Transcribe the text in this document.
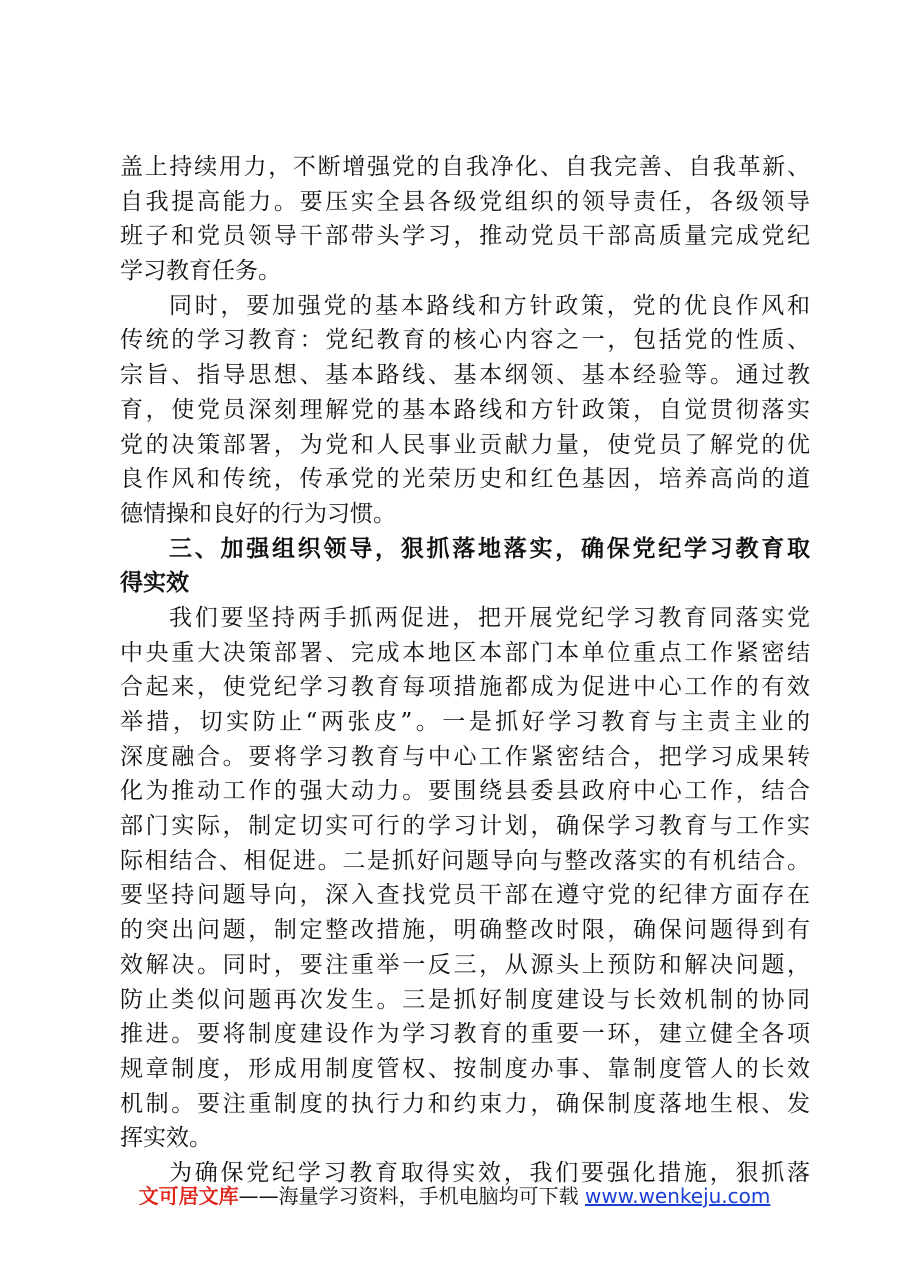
盖上持续用力，不断增强党的自我净化、自我完善、自我革新、
自我提高能力。要压实全县各级党组织的领导责任，各级领导
班子和党员领导干部带头学习，推动党员干部高质量完成党纪
学习教育任务。
同时，要加强党的基本路线和方针政策，党的优良作风和
传统的学习教育：党纪教育的核心内容之一，包括党的性质、
宗旨、指导思想、基本路线、基本纲领、基本经验等。通过教
育，使党员深刻理解党的基本路线和方针政策，自觉贯彻落实
党的决策部署，为党和人民事业贡献力量，使党员了解党的优
良作风和传统，传承党的光荣历史和红色基因，培养高尚的道
德情操和良好的行为习惯。
三、加强组织领导，狠抓落地落实，确保党纪学习教育取
得实效
我们要坚持两手抓两促进，把开展党纪学习教育同落实党
中央重大决策部署、完成本地区本部门本单位重点工作紧密结
合起来，使党纪学习教育每项措施都成为促进中心工作的有效
举措，切实防止“两张皮”。一是抓好学习教育与主责主业的
深度融合。要将学习教育与中心工作紧密结合，把学习成果转
化为推动工作的强大动力。要围绕县委县政府中心工作，结合
部门实际，制定切实可行的学习计划，确保学习教育与工作实
际相结合、相促进。二是抓好问题导向与整改落实的有机结合。
要坚持问题导向，深入查找党员干部在遵守党的纪律方面存在
的突出问题，制定整改措施，明确整改时限，确保问题得到有
效解决。同时，要注重举一反三，从源头上预防和解决问题，
防止类似问题再次发生。三是抓好制度建设与长效机制的协同
推进。要将制度建设作为学习教育的重要一环，建立健全各项
规章制度，形成用制度管权、按制度办事、靠制度管人的长效
机制。要注重制度的执行力和约束力，确保制度落地生根、发
挥实效。
为确保党纪学习教育取得实效，我们要强化措施，狠抓落
文可居文库——海量学习资料，手机电脑均可下载 www.wenkeju.com
